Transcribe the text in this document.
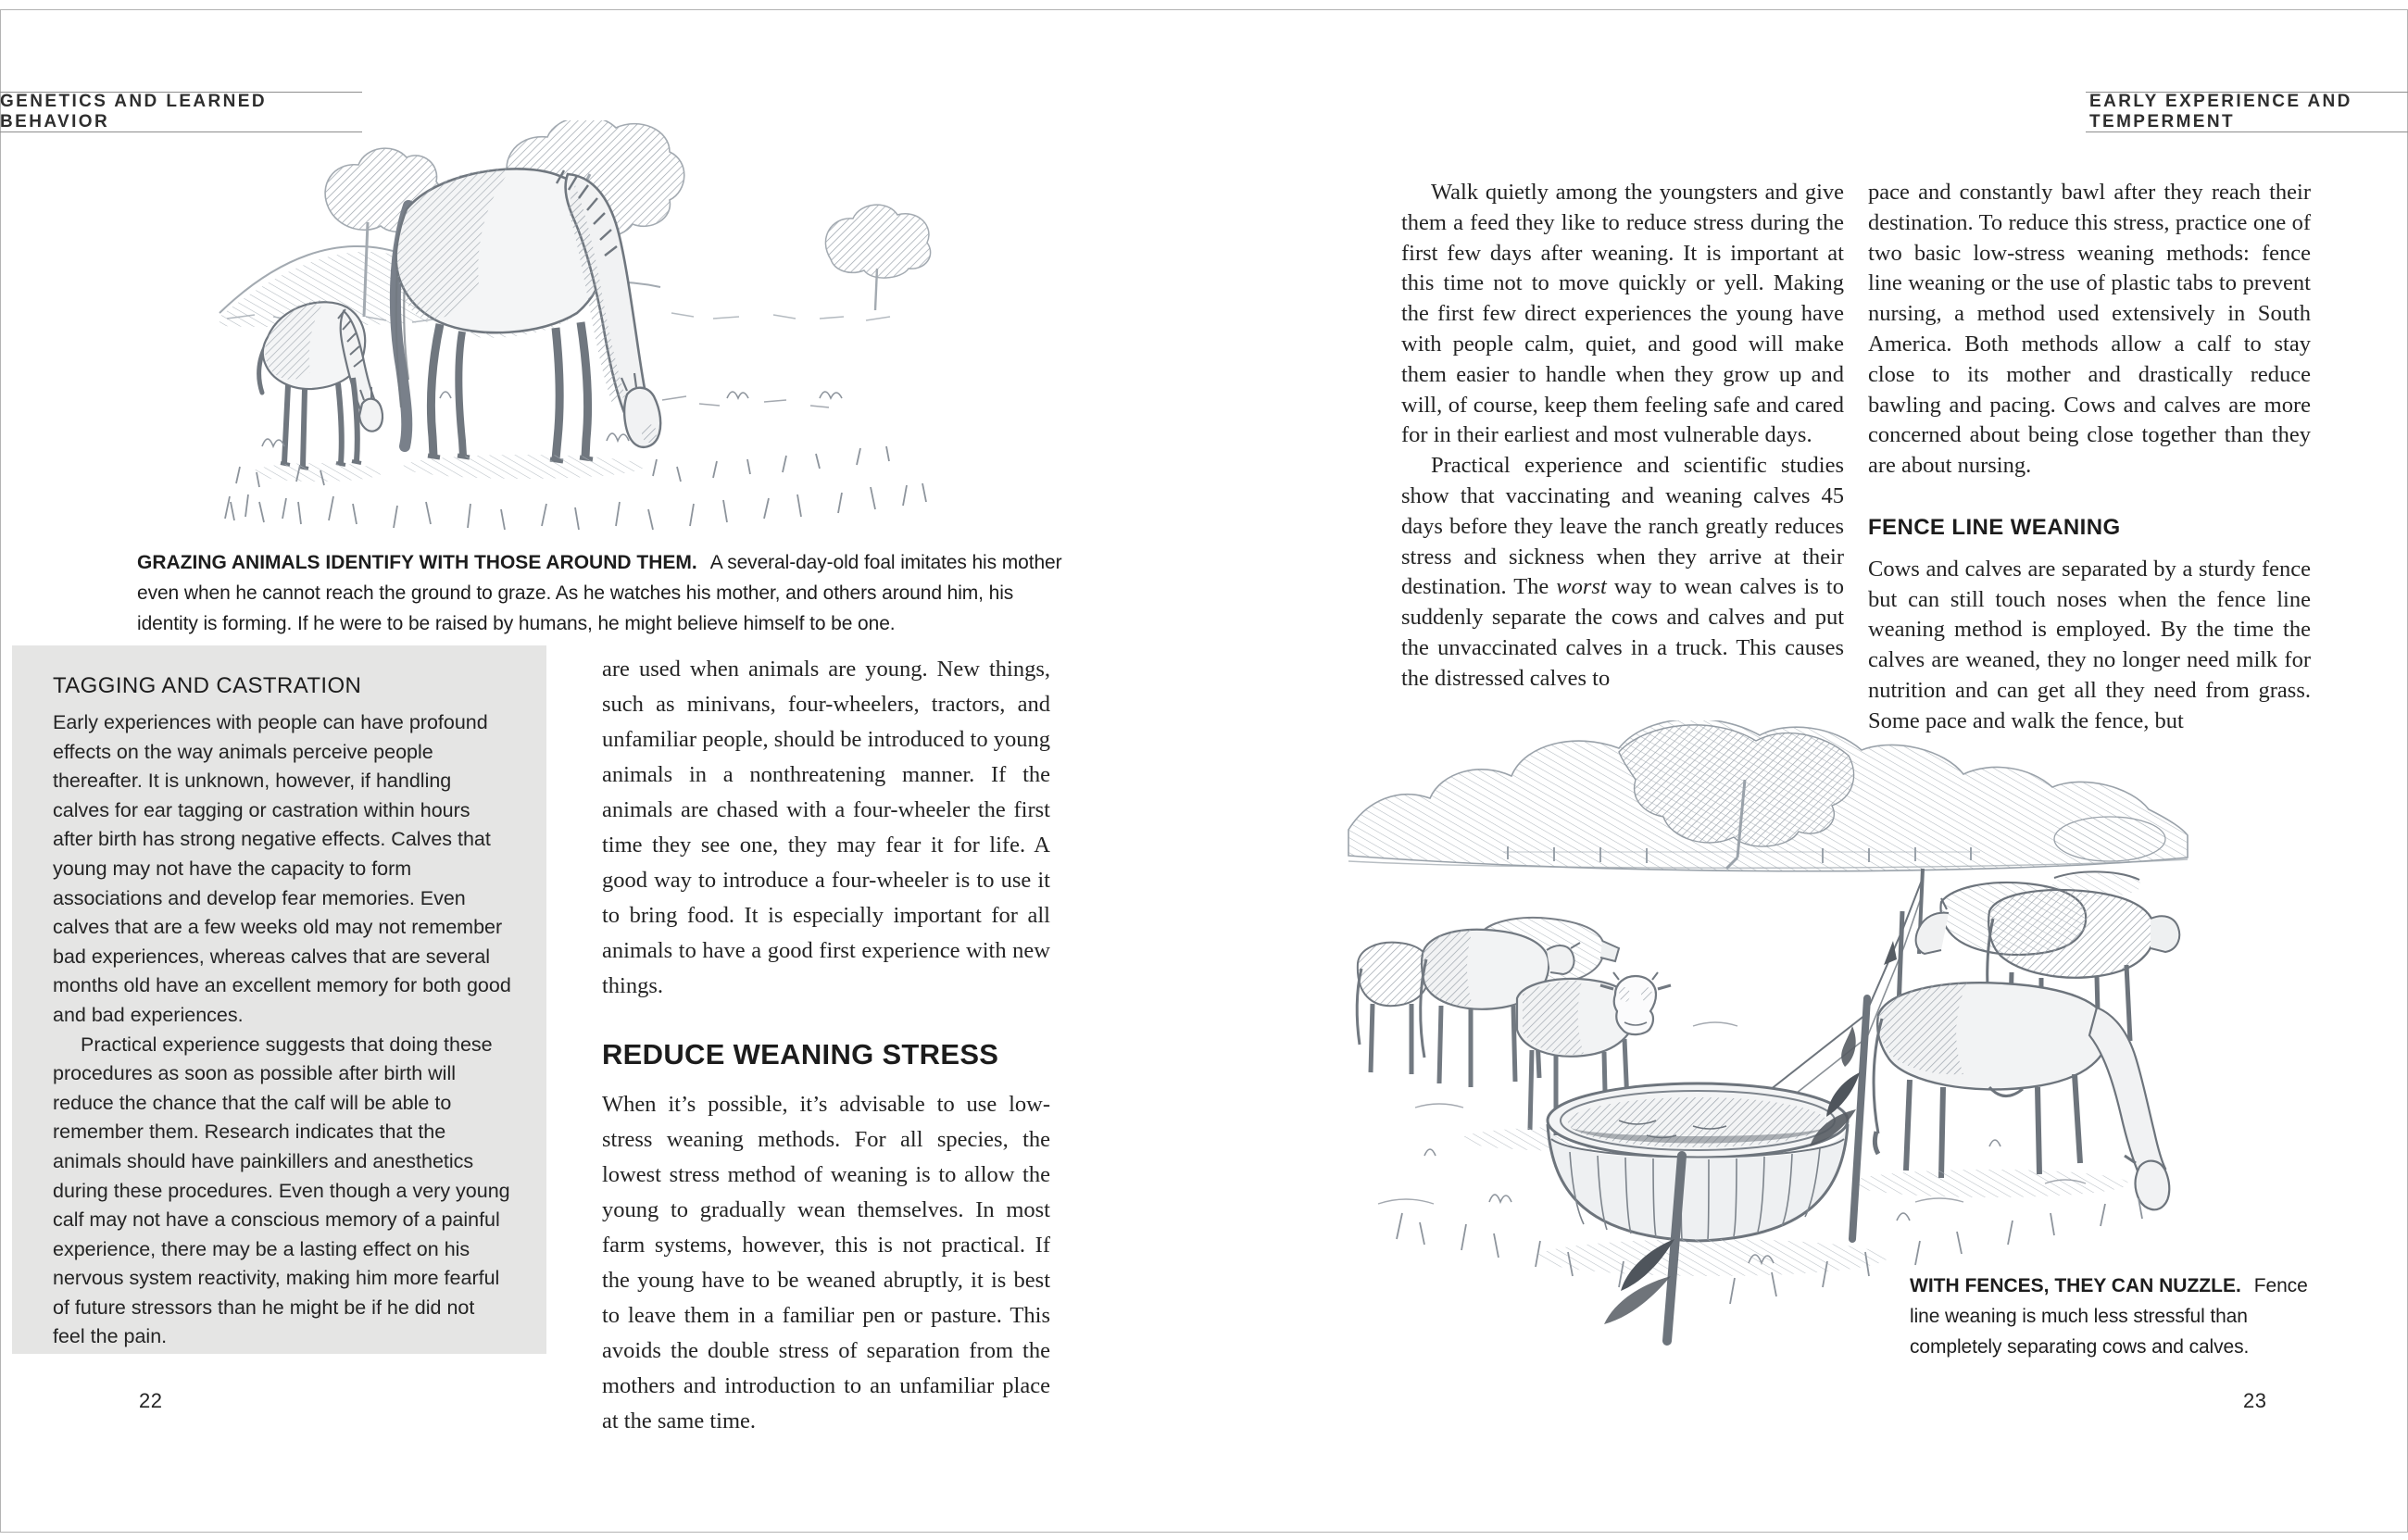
GENETICS AND LEARNED BEHAVIOR
EARLY EXPERIENCE AND TEMPERMENT
GRAZING ANIMALS IDENTIFY WITH THOSE AROUND THEM. A several-day-old foal imitates his mother even when he cannot reach the ground to graze. As he watches his mother, and others around him, his identity is forming. If he were to be raised by humans, he might believe himself to be one.
TAGGING AND CASTRATION

Early experiences with people can have profound effects on the way animals perceive people thereafter. It is unknown, however, if handling calves for ear tagging or castration within hours after birth has strong negative effects. Calves that young may not have the capacity to form associations and develop fear memories. Even calves that are a few weeks old may not remember bad experiences, whereas calves that are several months old have an excellent memory for both good and bad experiences.

Practical experience suggests that doing these procedures as soon as possible after birth will reduce the chance that the calf will be able to remember them. Research indicates that the animals should have painkillers and anesthetics during these procedures. Even though a very young calf may not have a conscious memory of a painful experience, there may be a lasting effect on his nervous system reactivity, making him more fearful of future stressors than he might be if he did not feel the pain.

are used when animals are young. New things, such as minivans, four-wheelers, tractors, and unfamiliar people, should be introduced to young animals in a nonthreatening manner. If the animals are chased with a four-wheeler the first time they see one, they may fear it for life. A good way to introduce a four-wheeler is to use it to bring food. It is especially important for all animals to have a good first experience with new things.

REDUCE WEANING STRESS

When it’s possible, it’s advisable to use low-stress weaning methods. For all species, the lowest stress method of weaning is to allow the young to gradually wean themselves. In most farm systems, however, this is not practical. If the young have to be weaned abruptly, it is best to leave them in a familiar pen or pasture. This avoids the double stress of separation from the mothers and introduction to an unfamiliar place at the same time.

Walk quietly among the youngsters and give them a feed they like to reduce stress during the first few days after weaning. It is important at this time not to move quickly or yell. Making the first few direct experiences the young have with people calm, quiet, and good will make them easier to handle when they grow up and will, of course, keep them feeling safe and cared for in their earliest and most vulnerable days.

Practical experience and scientific studies show that vaccinating and weaning calves 45 days before they leave the ranch greatly reduces stress and sickness when they arrive at their destination. The worst way to wean calves is to suddenly separate the cows and calves and put the unvaccinated calves in a truck. This causes the distressed calves to

pace and constantly bawl after they reach their destination. To reduce this stress, practice one of two basic low-stress weaning methods: fence line weaning or the use of plastic tabs to prevent nursing, a method used extensively in South America. Both methods allow a calf to stay close to its mother and drastically reduce bawling and pacing. Cows and calves are more concerned about being close together than they are about nursing.

FENCE LINE WEANING

Cows and calves are separated by a sturdy fence but can still touch noses when the fence line weaning method is employed. By the time the calves are weaned, they no longer need milk for nutrition and can get all they need from grass. Some pace and walk the fence, but

WITH FENCES, THEY CAN NUZZLE. Fence line weaning is much less stressful than completely separating cows and calves.
22	23
